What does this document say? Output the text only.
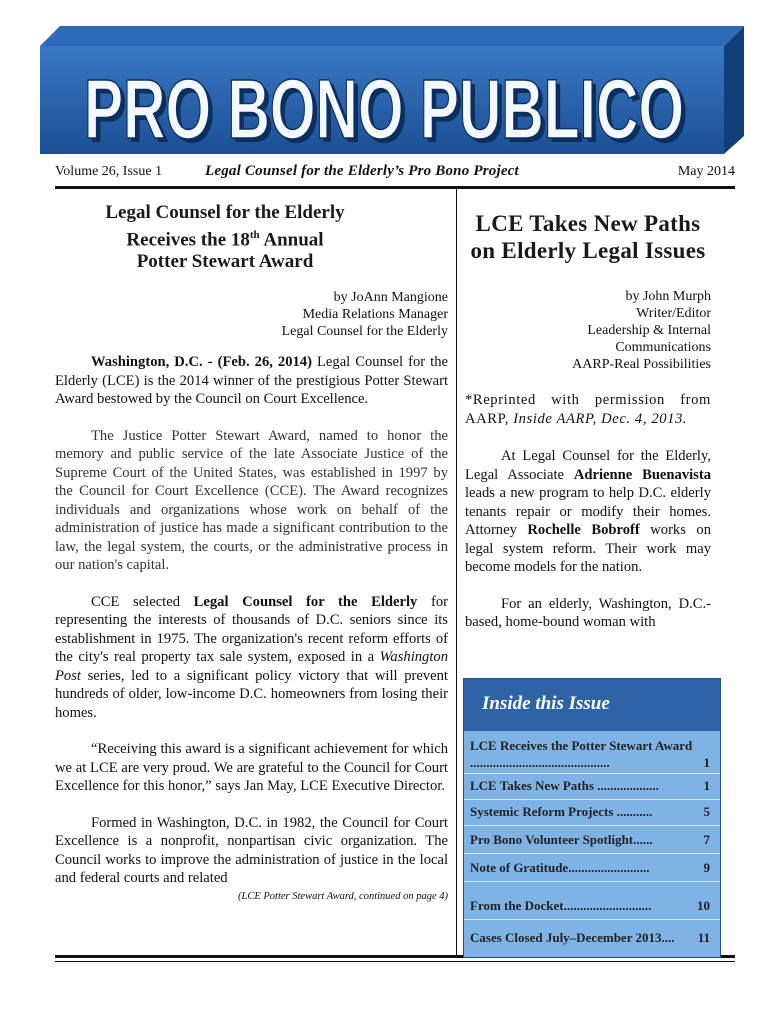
PRO BONO PUBLICO
PRO BONO PUBLICO
Volume 26, Issue 1	Legal Counsel for the Elderly’s Pro Bono Project	May 2014
Legal Counsel for the Elderly
Receives the 18th Annual
Potter Stewart Award
by JoAnn Mangione
Media Relations Manager
Legal Counsel for the Elderly

Washington, D.C. - (Feb. 26, 2014) Legal Counsel for the Elderly (LCE) is the 2014 winner of the prestigious Potter Stewart Award bestowed by the Council on Court Excellence.

The Justice Potter Stewart Award, named to honor the memory and public service of the late Associate Justice of the Supreme Court of the United States, was established in 1997 by the Council for Court Excellence (CCE). The Award recognizes individuals and organizations whose work on behalf of the administration of justice has made a significant contribution to the law, the legal system, the courts, or the administrative process in our nation's capital.

CCE selected Legal Counsel for the Elderly for representing the interests of thousands of D.C. seniors since its establishment in 1975. The organization's recent reform efforts of the city's real property tax sale system, exposed in a Washington Post series, led to a significant policy victory that will prevent hundreds of older, low-income D.C. homeowners from losing their homes.

“Receiving this award is a significant achievement for which we at LCE are very proud. We are grateful to the Council for Court Excellence for this honor,” says Jan May, LCE Executive Director.

Formed in Washington, D.C. in 1982, the Council for Court Excellence is a nonprofit, nonpartisan civic organization. The Council works to improve the administration of justice in the local and federal courts and related

(LCE Potter Stewart Award, continued on page 4)
LCE Takes New Paths
on Elderly Legal Issues
by John Murph
Writer/Editor
Leadership & Internal
Communications
AARP-Real Possibilities

*Reprinted with permission from AARP, Inside AARP, Dec. 4, 2013.

At Legal Counsel for the Elderly, Legal Associate Adrienne Buenavista leads a new program to help D.C. elderly tenants repair or modify their homes. Attorney Rochelle Bobroff works on legal system reform. Their work may become models for the nation.

For an elderly, Washington, D.C.-based, home-bound woman with

Inside this Issue
LCE Receives the Potter Stewart Award ...........................................	1
LCE Takes New Paths ...................	1
Systemic Reform Projects ...........	5
Pro Bono Volunteer Spotlight......	7
Note of Gratitude.........................	9
From the Docket...........................	10
Cases Closed July–December 2013.... 11
